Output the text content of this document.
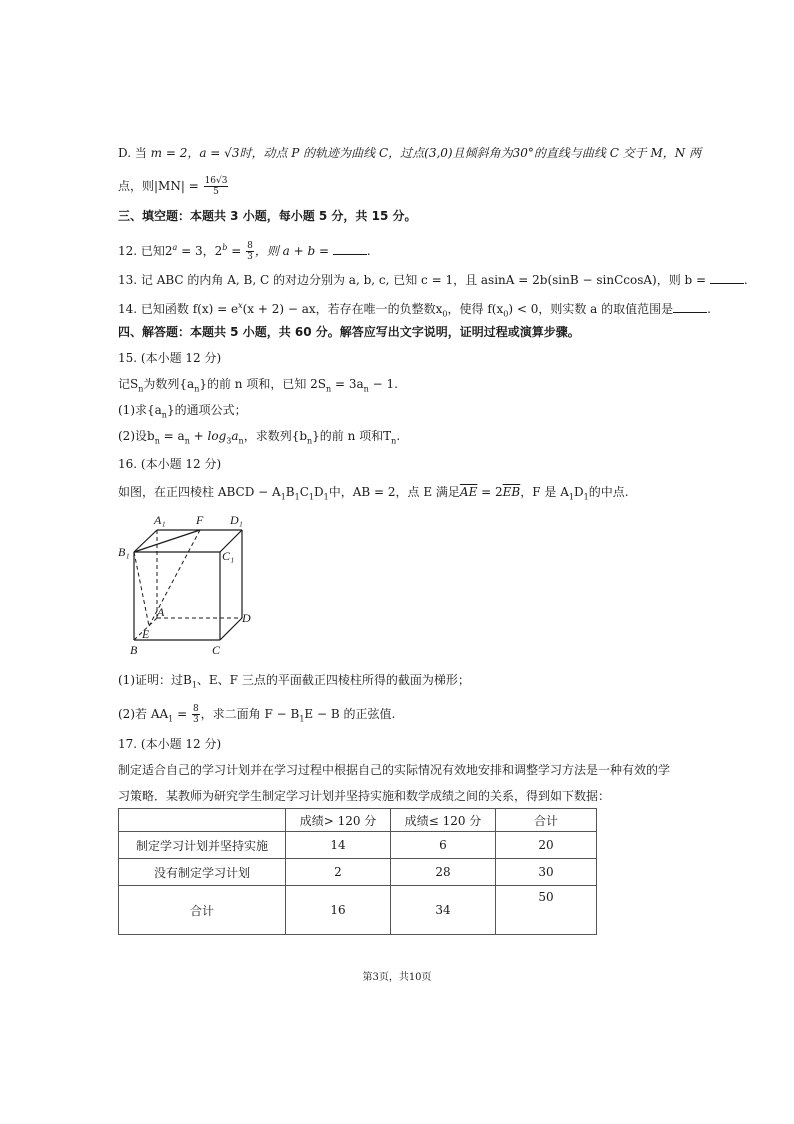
D. 当 m = 2，a = √3时，动点 P 的轨迹为曲线 C，过点(3,0)且倾斜角为30°的直线与曲线 C 交于 M，N 两
点，则$|MN| = \frac{16√3}{5}$
三、填空题：本题共 3 小题，每小题 5 分，共 15 分。
12. 已知$2^a = 3$，$2^b = \frac{8}{3}$ ，则 a + b =	.
13. 记 ABC 的内角 A, B, C 的对边分别为 a, b, c, 已知 c = 1，且 asinA = 2b(sinB − sinCcosA)，则 b =	.
14. 已知函数 $f(x) = e^x(x + 2)$ − ax，若存在唯一的负整数$x_0$，使得 $f(x_0) < 0$，则实数 a 的取值范围是	.
四、解答题：本题共 5 小题，共 60 分。解答应写出文字说明，证明过程或演算步骤。
15. (本小题 12 分)
记$S_n$为数列$\{a_n\}$的前 n 项和，已知 $2S_n = 3a_n - 1$.
(1)求$\{a_n\}$的通项公式；
(2)设$b_n = a_n + \log_3a_n$，求数列$\{b_n\}$的前 n 项和$T_n$.
16. (本小题 12 分)
如图，在正四棱柱 ABCD − $A_1B_1C_1D_1$中，AB = 2，点 E 满足$\overline{AE} = 2\overline{EB}$，F 是 $A_1D_1$的中点.
A₁	F D₁
B₁	C₁
A
E
D
B	C
(1)证明：过$B_1$、E、F 三点的平面截正四棱柱所得的截面为梯形；
(2)若 $AA_1 = \frac{8}{3}$ ，求二面角 $F - B_1E - B$ 的正弦值.
17. (本小题 12 分)
制定适合自己的学习计划并在学习过程中根据自己的实际情况有效地安排和调整学习方法是一种有效的学
习策略．某教师为研究学生制定学习计划并坚持实施和数学成绩之间的关系，得到如下数据：
	成绩> 120 分	成绩≤ 120 分	合计
制定学习计划并坚持实施	14	6	20
没有制定学习计划	2	28	30
合计	16	34	50
第3页，共10页
